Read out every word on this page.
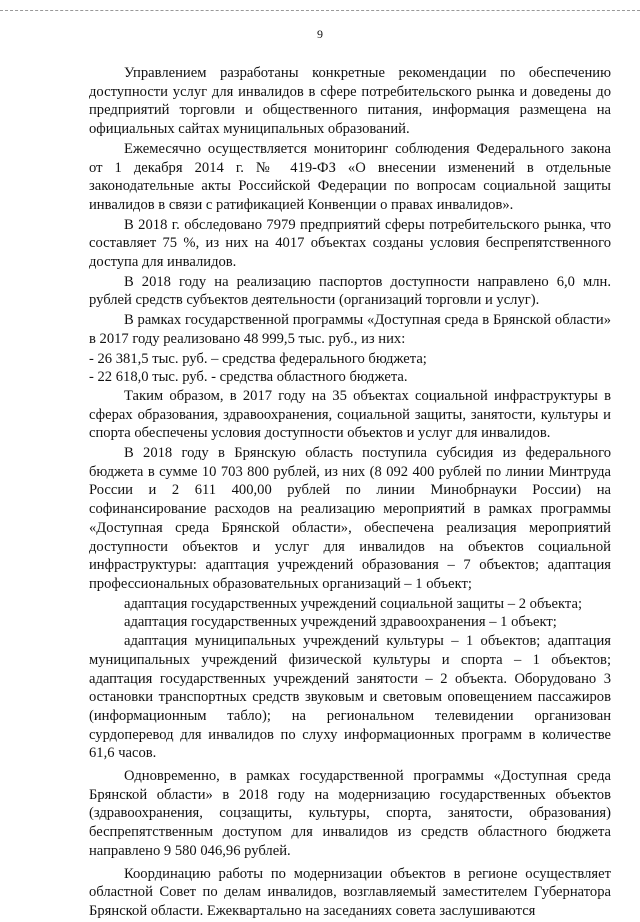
9

Управлением разработаны конкретные рекомендации по обеспечению доступности услуг для инвалидов в сфере потребительского рынка и доведены до предприятий торговли и общественного питания, информация размещена на официальных сайтах муниципальных образований.

Ежемесячно осуществляется мониторинг соблюдения Федерального закона от 1 декабря 2014 г. № 419-ФЗ «О внесении изменений в отдельные законодательные акты Российской Федерации по вопросам социальной защиты инвалидов в связи с ратификацией Конвенции о правах инвалидов».

В 2018 г. обследовано 7979 предприятий сферы потребительского рынка, что составляет 75 %, из них на 4017 объектах созданы условия беспрепятственного доступа для инвалидов.

В 2018 году на реализацию паспортов доступности направлено 6,0 млн. рублей средств субъектов деятельности (организаций торговли и услуг).

В рамках государственной программы «Доступная среда в Брянской области» в 2017 году реализовано 48 999,5 тыс. руб., из них:

- 26 381,5 тыс. руб. – средства федерального бюджета;

- 22 618,0 тыс. руб. - средства областного бюджета.

Таким образом, в 2017 году на 35 объектах социальной инфраструктуры в сферах образования, здравоохранения, социальной защиты, занятости, культуры и спорта обеспечены условия доступности объектов и услуг для инвалидов.

В 2018 году в Брянскую область поступила субсидия из федерального бюджета в сумме 10 703 800 рублей, из них (8 092 400 рублей по линии Минтруда России и 2 611 400,00 рублей по линии Минобрнауки России) на софинансирование расходов на реализацию мероприятий в рамках программы «Доступная среда Брянской области», обеспечена реализация мероприятий доступности объектов и услуг для инвалидов на объектов социальной инфраструктуры: адаптация учреждений образования – 7 объектов; адаптация профессиональных образовательных организаций – 1 объект;

адаптация государственных учреждений социальной защиты – 2 объекта;

адаптация государственных учреждений здравоохранения – 1 объект;

адаптация муниципальных учреждений культуры – 1 объектов; адаптация муниципальных учреждений физической культуры и спорта – 1 объектов; адаптация государственных учреждений занятости – 2 объекта. Оборудовано 3 остановки транспортных средств звуковым и световым оповещением пассажиров (информационным табло); на региональном телевидении организован сурдоперевод для инвалидов по слуху информационных программ в количестве 61,6 часов.

Одновременно, в рамках государственной программы «Доступная среда Брянской области» в 2018 году на модернизацию государственных объектов (здравоохранения, соцзащиты, культуры, спорта, занятости, образования) беспрепятственным доступом для инвалидов из средств областного бюджета направлено 9 580 046,96 рублей.

Координацию работы по модернизации объектов в регионе осуществляет областной Совет по делам инвалидов, возглавляемый заместителем Губернатора Брянской области. Ежеквартально на заседаниях совета заслушиваются
